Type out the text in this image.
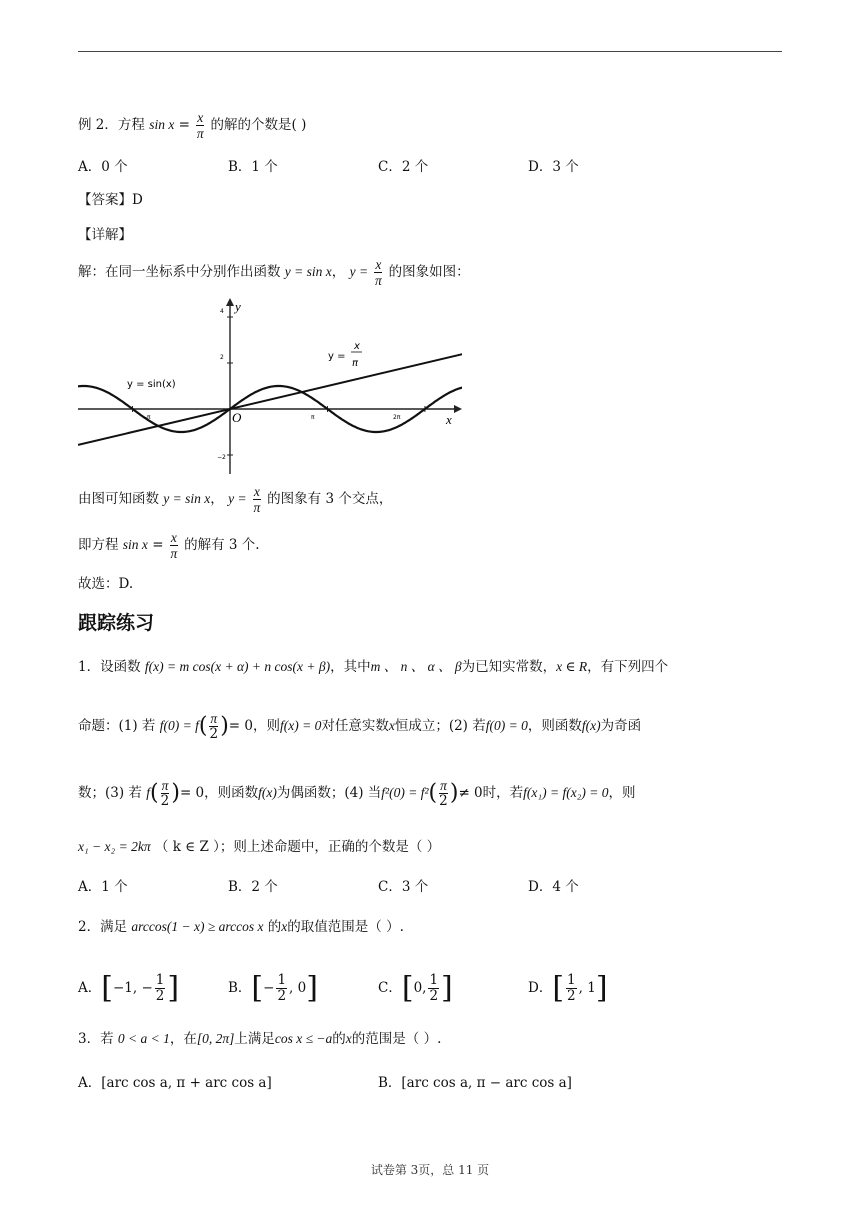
例 2．方程 $\sin x = \frac{x}{\pi}$ 的解的个数是( )
A．0 个	B．1 个	C．2 个	D．3 个
【答案】D
【详解】
解：在同一坐标系中分别作出函数 y = sin x， $y = \frac{x}{\pi}$ 的图象如图：
y
x
O
4
2
−2
−π	π	2π
y = sin(x)
y =
x
π
由图可知函数 y = sin x， $y = \frac{x}{\pi}$ 的图象有 3 个交点，
即方程 $\sin x = \frac{x}{\pi}$ 的解有 3 个.
故选：D.
跟踪练习
1．设函数 f(x) = m cos(x + α) + n cos(x + β)，其中m 、 n 、 α 、 β为已知实常数，x ∈ R，有下列四个
命题：(1) 若 $f(0) = f( \frac{\pi}{2}$ )= 0，则f(x) = 0对任意实数x恒成立；(2) 若f(0) = 0，则函数f(x)为奇函
数；(3) 若 $f( \frac{\pi}{2}$ )= 0，则函数f(x)为偶函数；(4) 当$f^2(0) = f^2( \frac{\pi}{2}$ )≠ 0时，若f(x₁) = f(x₂) = 0，则
x₁ − x₂ = 2kπ （ k ∈ Z ）；则上述命题中，正确的个数是（ ）
A．1 个	B．2 个	C．3 个	D．4 个
2．满足 arccos(1 − x) ≥ arccos x 的x的取值范围是（ ）.
A．[−1, − $\frac{1}{2}$ ]	B．[− $\frac{1}{2}$ , 0]	C．[0, $\frac{1}{2}$ ]	D．[ $\frac{1}{2}$ , 1]
3．若 0 < a < 1，在[0, 2π]上满足cos x ≤ −a的x的范围是（ ）.
A．[arc cos a, π + arc cos a]	B．[arc cos a, π − arc cos a]
试卷第 3页，总 11 页
